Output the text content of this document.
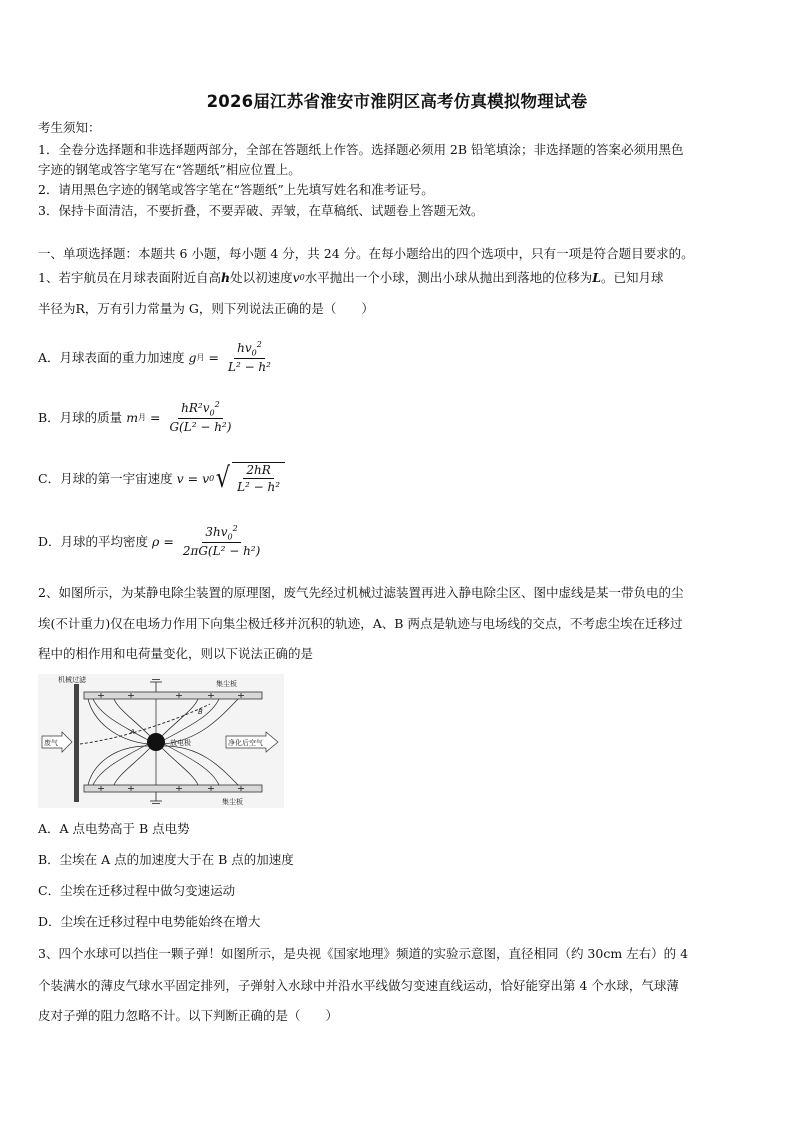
2026届江苏省淮安市淮阴区高考仿真模拟物理试卷
考生须知：
1．全卷分选择题和非选择题两部分，全部在答题纸上作答。选择题必须用 2B 铅笔填涂；非选择题的答案必须用黑色
字迹的钢笔或答字笔写在“答题纸”相应位置上。
2．请用黑色字迹的钢笔或答字笔在“答题纸”上先填写姓名和准考证号。
3．保持卡面清洁，不要折叠，不要弄破、弄皱，在草稿纸、试题卷上答题无效。
一、单项选择题：本题共 6 小题，每小题 4 分，共 24 分。在每小题给出的四个选项中，只有一项是符合题目要求的。
1、若宇航员在月球表面附近自高h处以初速度 v 0 水平抛出一个小球，测出小球从抛出到落地的位移为L。已知月球
半径为R，万有引力常量为 G，则下列说法正确的是（　　）
A．月球表面的重力加速度 g 月 = $\frac{hv_0^2}{\text{L² − h²}}$
B．月球的质量 m 月 = $\frac{hR^2v_0^2}{\text{G(L² − h²)}}$
C．月球的第一宇宙速度 v = v 0 √ $\frac{2hR}{\text{L² − h²}}$
D．月球的平均密度 $\rho = \frac{3hv_0^2}{\text{2πG(L² − h²)}}$
2、如图所示，为某静电除尘装置的原理图，废气先经过机械过滤装置再进入静电除尘区、图中虚线是某一带负电的尘
埃(不计重力)仅在电场力作用下向集尘极迁移并沉积的轨迹，A、B 两点是轨迹与电场线的交点，不考虑尘埃在迁移过
程中的相作用和电荷量变化，则以下说法正确的是
机械过滤	集尘板
集尘板
A
B
放电极
废气	净化后空气
A．A 点电势高于 B 点电势
B．尘埃在 A 点的加速度大于在 B 点的加速度
C．尘埃在迁移过程中做匀变速运动
D．尘埃在迁移过程中电势能始终在增大
3、四个水球可以挡住一颗子弹！如图所示，是央视《国家地理》频道的实验示意图，直径相同（约 30cm 左右）的 4
个装满水的薄皮气球水平固定排列，子弹射入水球中并沿水平线做匀变速直线运动，恰好能穿出第 4 个水球，气球薄
皮对子弹的阻力忽略不计。以下判断正确的是（　　）
